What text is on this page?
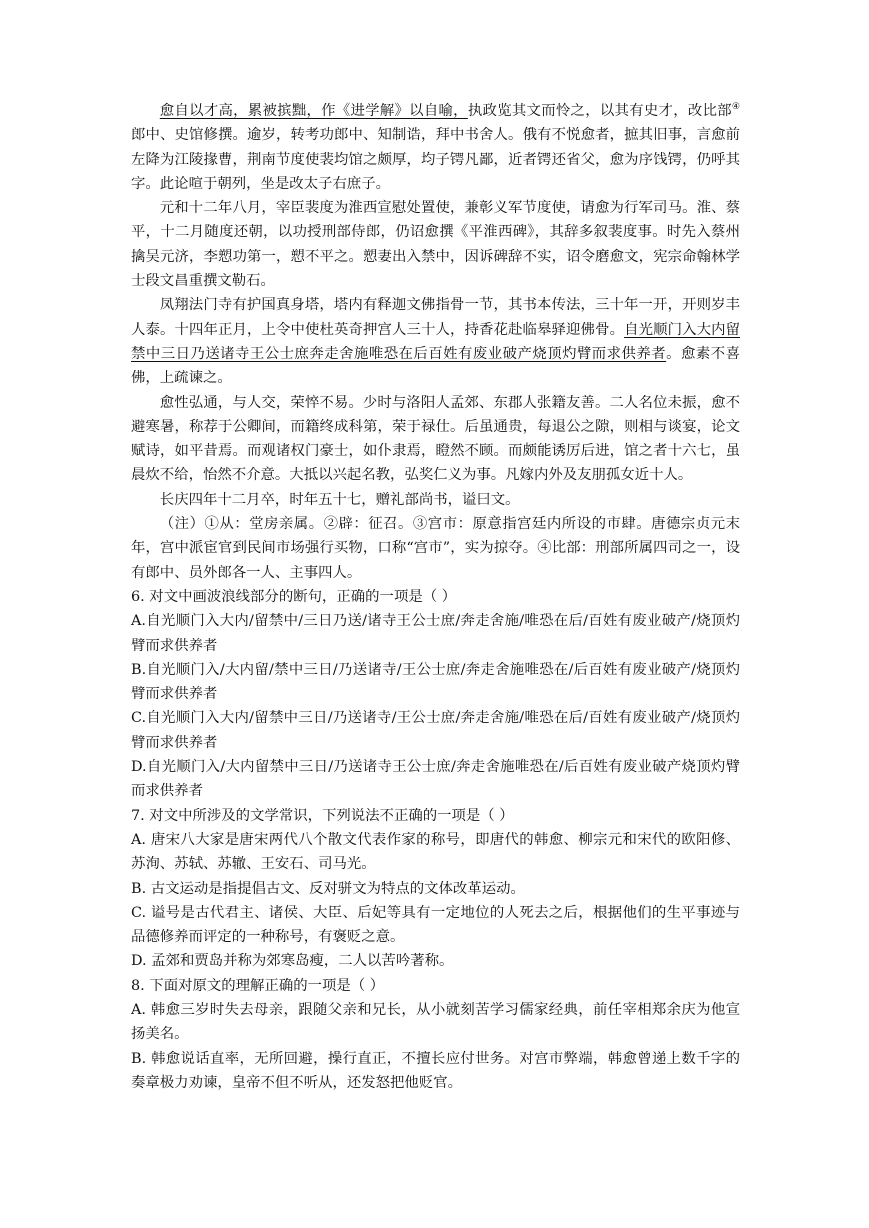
愈自以才高，累被摈黜，作《进学解》以自喻，执政览其文而怜之，以其有史才，改比部④郎中、史馆修撰。逾岁，转考功郎中、知制诰，拜中书舍人。俄有不悦愈者，摭其旧事，言愈前左降为江陵掾曹，荆南节度使裴均馆之颇厚，均子锷凡鄙，近者锷还省父，愈为序饯锷，仍呼其字。此论喧于朝列，坐是改太子右庶子。

元和十二年八月，宰臣裴度为淮西宣慰处置使，兼彰义军节度使，请愈为行军司马。淮、蔡平，十二月随度还朝，以功授刑部侍郎，仍诏愈撰《平淮西碑》，其辞多叙裴度事。时先入蔡州擒吴元济，李愬功第一，愬不平之。愬妻出入禁中，因诉碑辞不实，诏令磨愈文，宪宗命翰林学士段文昌重撰文勒石。

凤翔法门寺有护国真身塔，塔内有释迦文佛指骨一节，其书本传法，三十年一开，开则岁丰人泰。十四年正月，上令中使杜英奇押宫人三十人，持香花赴临皋驿迎佛骨。自光顺门入大内留禁中三日乃送诸寺王公士庶奔走舍施唯恐在后百姓有废业破产烧顶灼臂而求供养者。愈素不喜佛，上疏谏之。

愈性弘通，与人交，荣悴不易。少时与洛阳人孟郊、东郡人张籍友善。二人名位未振，愈不避寒暑，称荐于公卿间，而籍终成科第，荣于禄仕。后虽通贵，每退公之隙，则相与谈宴，论文赋诗，如平昔焉。而观诸权门豪士，如仆隶焉，瞪然不顾。而颇能诱厉后进，馆之者十六七，虽晨炊不给，怡然不介意。大抵以兴起名教，弘奖仁义为事。凡嫁内外及友朋孤女近十人。

长庆四年十二月卒，时年五十七，赠礼部尚书，谥曰文。

（注）①从：堂房亲属。②辟：征召。③宫市：原意指宫廷内所设的市肆。唐德宗贞元末年，宫中派宦官到民间市场强行买物，口称“宫市”，实为掠夺。④比部：刑部所属四司之一，设有郎中、员外郎各一人、主事四人。

6. 对文中画波浪线部分的断句，正确的一项是（ ）

A.自光顺门入大内/留禁中/三日乃送/诸寺王公士庶/奔走舍施/唯恐在后/百姓有废业破产/烧顶灼臂而求供养者

B.自光顺门入/大内留/禁中三日/乃送诸寺/王公士庶/奔走舍施唯恐在/后百姓有废业破产/烧顶灼臂而求供养者

C.自光顺门入大内/留禁中三日/乃送诸寺/王公士庶/奔走舍施/唯恐在后/百姓有废业破产/烧顶灼臂而求供养者

D.自光顺门入/大内留禁中三日/乃送诸寺王公士庶/奔走舍施唯恐在/后百姓有废业破产烧顶灼臂而求供养者

7. 对文中所涉及的文学常识，下列说法不正确的一项是（ ）

A. 唐宋八大家是唐宋两代八个散文代表作家的称号，即唐代的韩愈、柳宗元和宋代的欧阳修、苏洵、苏轼、苏辙、王安石、司马光。

B. 古文运动是指提倡古文、反对骈文为特点的文体改革运动。

C. 谥号是古代君主、诸侯、大臣、后妃等具有一定地位的人死去之后，根据他们的生平事迹与品德修养而评定的一种称号，有褒贬之意。

D. 孟郊和贾岛并称为郊寒岛瘦，二人以苦吟著称。

8. 下面对原文的理解正确的一项是（ ）

A. 韩愈三岁时失去母亲，跟随父亲和兄长，从小就刻苦学习儒家经典，前任宰相郑余庆为他宣扬美名。

B. 韩愈说话直率，无所回避，操行直正，不擅长应付世务。对宫市弊端，韩愈曾递上数千字的奏章极力劝谏，皇帝不但不听从，还发怒把他贬官。
